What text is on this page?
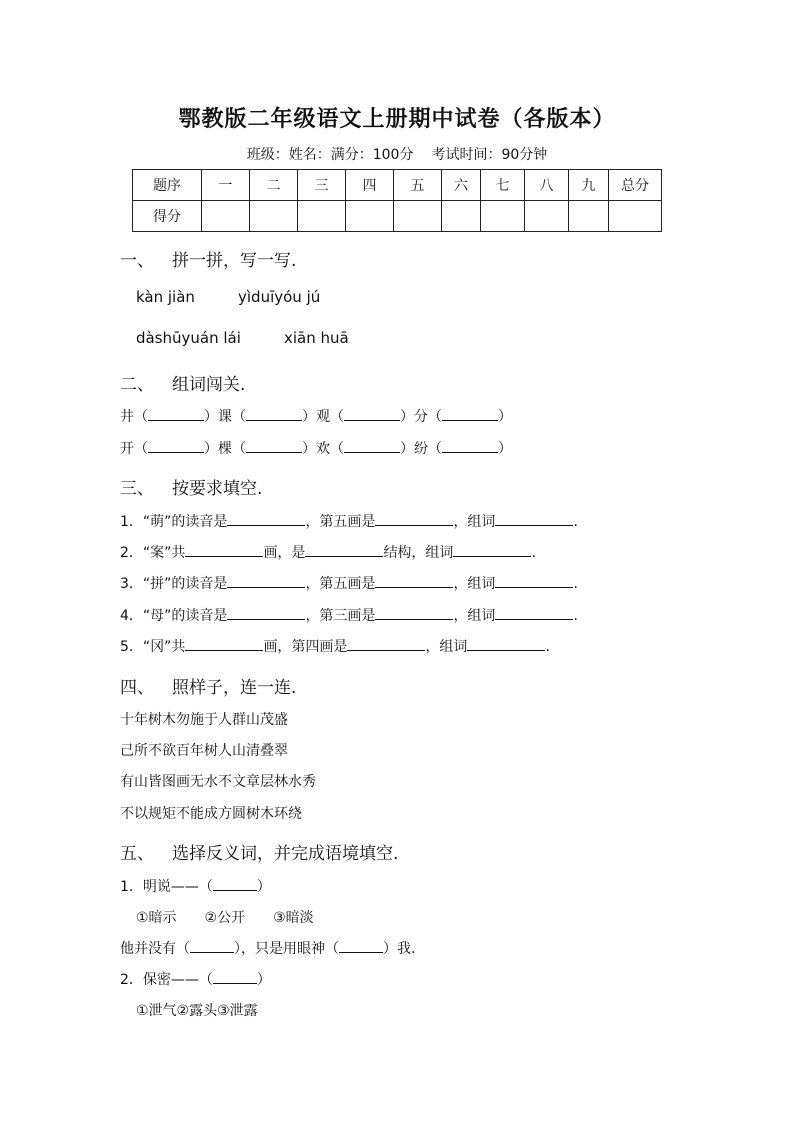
鄂教版二年级语文上册期中试卷（各版本）
班级：姓名：满分：100分 考试时间：90分钟
题序	一	二	三	四	五	六	七	八	九	总分
得分										
一、 拼一拼，写一写.
kàn jiàn	yìduīyóu jú
dàshūyuán lái	xiān huā
二、 组词闯关.
井（	）课（	）观（	）分（	）
开（	）棵（	）欢（	）纷（	）
三、 按要求填空.
1．“萌”的读音是	，第五画是	，组词	.
2．“案”共	画，是	结构，组词	.
3．“拼”的读音是	，第五画是	，组词	.
4．“母”的读音是	，第三画是	，组词	.
5．“冈”共	画，第四画是	，组词	.
四、 照样子，连一连.
十年树木勿施于人群山茂盛
己所不欲百年树人山清叠翠
有山皆图画无水不文章层林水秀
不以规矩不能成方圆树木环绕
五、 选择反义词，并完成语境填空.
1．明说——（	）
①暗示　　②公开　　③暗淡
他并没有（	），只是用眼神（	）我.
2．保密——（	）
①泄气②露头③泄露
